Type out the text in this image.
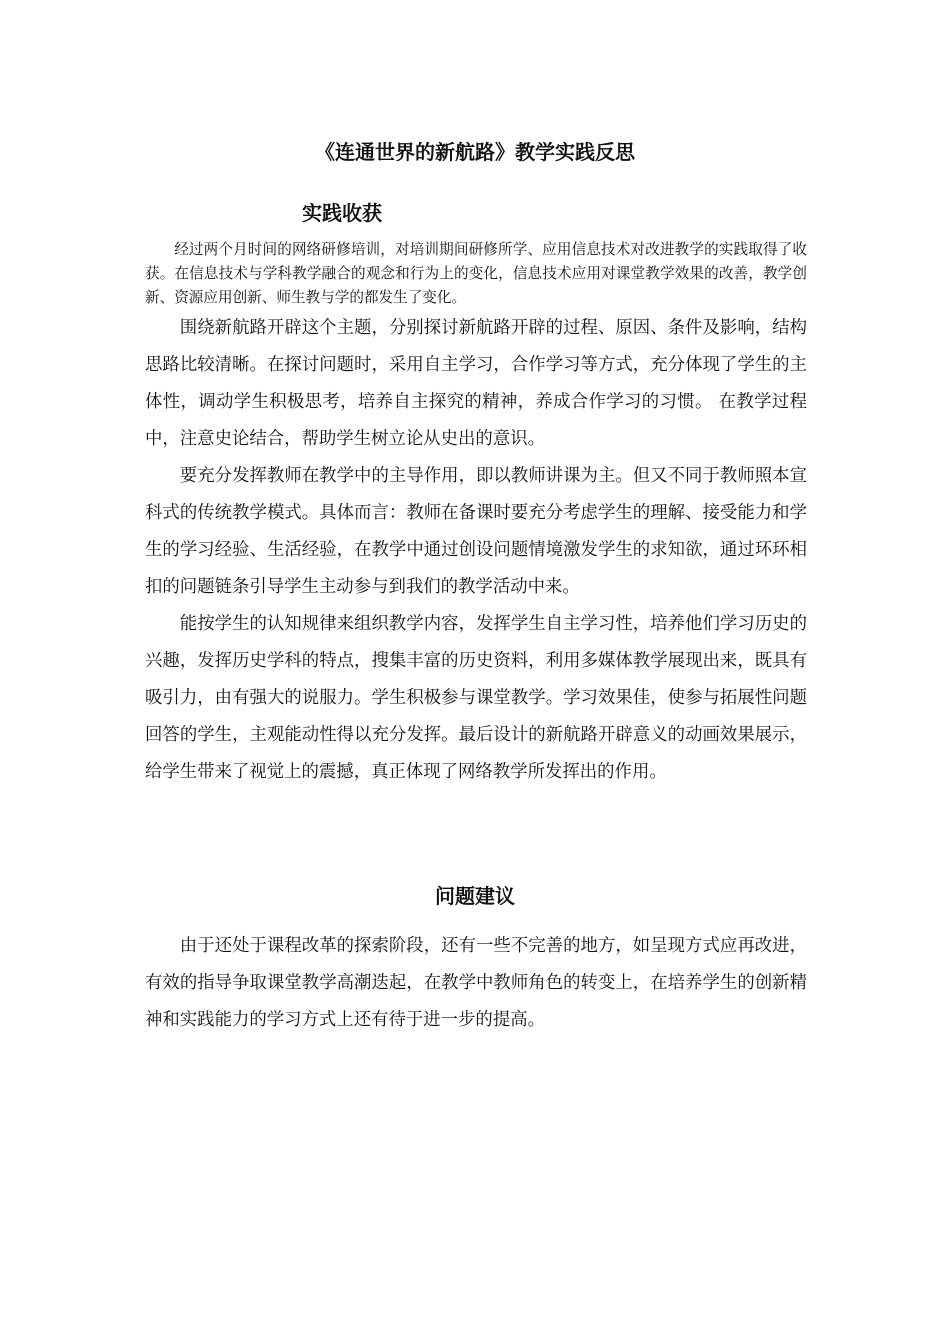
《连通世界的新航路》教学实践反思
实践收获

经过两个月时间的网络研修培训，对培训期间研修所学、应用信息技术对改进教学的实践取得了收获。在信息技术与学科教学融合的观念和行为上的变化，信息技术应用对课堂教学效果的改善，教学创新、资源应用创新、师生教与学的都发生了变化。

围绕新航路开辟这个主题，分别探讨新航路开辟的过程、原因、条件及影响，结构思路比较清晰。在探讨问题时，采用自主学习，合作学习等方式，充分体现了学生的主体性，调动学生积极思考，培养自主探究的精神，养成合作学习的习惯。 在教学过程中，注意史论结合，帮助学生树立论从史出的意识。

要充分发挥教师在教学中的主导作用，即以教师讲课为主。但又不同于教师照本宣科式的传统教学模式。具体而言：教师在备课时要充分考虑学生的理解、接受能力和学生的学习经验、生活经验，在教学中通过创设问题情境激发学生的求知欲，通过环环相扣的问题链条引导学生主动参与到我们的教学活动中来。

能按学生的认知规律来组织教学内容，发挥学生自主学习性，培养他们学习历史的兴趣，发挥历史学科的特点，搜集丰富的历史资料，利用多媒体教学展现出来，既具有吸引力，由有强大的说服力。学生积极参与课堂教学。学习效果佳，使参与拓展性问题回答的学生，主观能动性得以充分发挥。最后设计的新航路开辟意义的动画效果展示，给学生带来了视觉上的震撼，真正体现了网络教学所发挥出的作用。

问题建议

由于还处于课程改革的探索阶段，还有一些不完善的地方，如呈现方式应再改进，有效的指导争取课堂教学高潮迭起，在教学中教师角色的转变上，在培养学生的创新精神和实践能力的学习方式上还有待于进一步的提高。
